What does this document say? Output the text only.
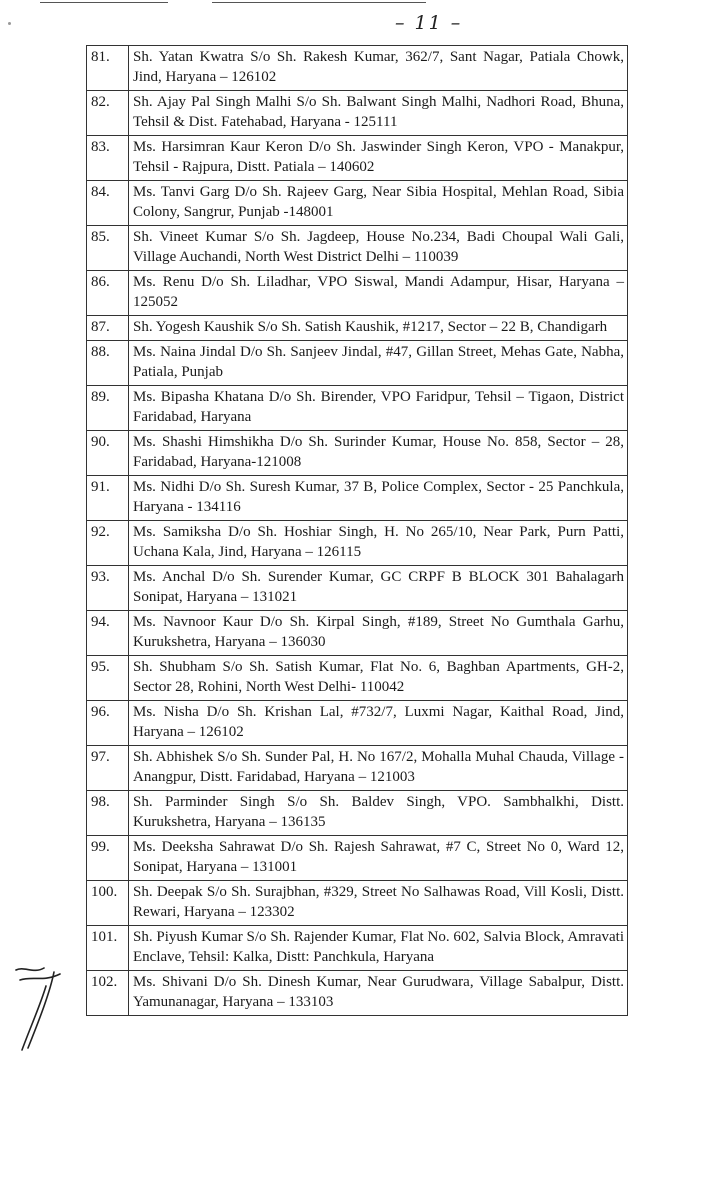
– 11 –
81.	Sh. Yatan Kwatra S/o Sh. Rakesh Kumar, 362/7, Sant Nagar, Patiala Chowk, Jind, Haryana – 126102
82.	Sh. Ajay Pal Singh Malhi S/o Sh. Balwant Singh Malhi, Nadhori Road, Bhuna, Tehsil & Dist. Fatehabad, Haryana - 125111
83.	Ms. Harsimran Kaur Keron D/o Sh. Jaswinder Singh Keron, VPO - Manakpur, Tehsil - Rajpura, Distt. Patiala – 140602
84.	Ms. Tanvi Garg D/o Sh. Rajeev Garg, Near Sibia Hospital, Mehlan Road, Sibia Colony, Sangrur, Punjab -148001
85.	Sh. Vineet Kumar S/o Sh. Jagdeep, House No.234, Badi Choupal Wali Gali, Village Auchandi, North West District Delhi – 110039
86.	Ms. Renu D/o Sh. Liladhar, VPO Siswal, Mandi Adampur, Hisar, Haryana – 125052
87.	Sh. Yogesh Kaushik S/o Sh. Satish Kaushik, #1217, Sector – 22 B, Chandigarh
88.	Ms. Naina Jindal D/o Sh. Sanjeev Jindal, #47, Gillan Street, Mehas Gate, Nabha, Patiala, Punjab
89.	Ms. Bipasha Khatana D/o Sh. Birender, VPO Faridpur, Tehsil – Tigaon, District Faridabad, Haryana
90.	Ms. Shashi Himshikha D/o Sh. Surinder Kumar, House No. 858, Sector – 28, Faridabad, Haryana-121008
91.	Ms. Nidhi D/o Sh. Suresh Kumar, 37 B, Police Complex, Sector - 25 Panchkula, Haryana - 134116
92.	Ms. Samiksha D/o Sh. Hoshiar Singh, H. No 265/10, Near Park, Purn Patti, Uchana Kala, Jind, Haryana – 126115
93.	Ms. Anchal D/o Sh. Surender Kumar, GC CRPF B BLOCK 301 Bahalagarh Sonipat, Haryana – 131021
94.	Ms. Navnoor Kaur D/o Sh. Kirpal Singh, #189, Street No Gumthala Garhu, Kurukshetra, Haryana – 136030
95.	Sh. Shubham S/o Sh. Satish Kumar, Flat No. 6, Baghban Apartments, GH-2, Sector 28, Rohini, North West Delhi- 110042
96.	Ms. Nisha D/o Sh. Krishan Lal, #732/7, Luxmi Nagar, Kaithal Road, Jind, Haryana – 126102
97.	Sh. Abhishek S/o Sh. Sunder Pal, H. No 167/2, Mohalla Muhal Chauda, Village - Anangpur, Distt. Faridabad, Haryana – 121003
98.	Sh. Parminder Singh S/o Sh. Baldev Singh, VPO. Sambhalkhi, Distt. Kurukshetra, Haryana – 136135
99.	Ms. Deeksha Sahrawat D/o Sh. Rajesh Sahrawat, #7 C, Street No 0, Ward 12, Sonipat, Haryana – 131001
100.	Sh. Deepak S/o Sh. Surajbhan, #329, Street No Salhawas Road, Vill Kosli, Distt. Rewari, Haryana – 123302
101.	Sh. Piyush Kumar S/o Sh. Rajender Kumar, Flat No. 602, Salvia Block, Amravati Enclave, Tehsil: Kalka, Distt: Panchkula, Haryana
102.	Ms. Shivani D/o Sh. Dinesh Kumar, Near Gurudwara, Village Sabalpur, Distt. Yamunanagar, Haryana – 133103
